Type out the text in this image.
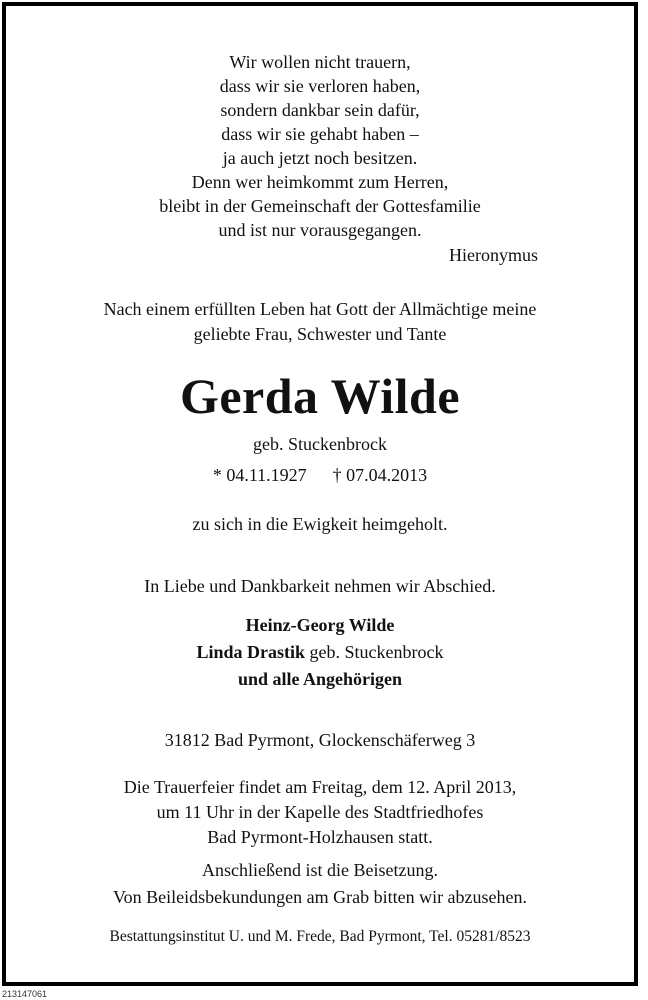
Wir wollen nicht trauern,
dass wir sie verloren haben,
sondern dankbar sein dafür,
dass wir sie gehabt haben –
ja auch jetzt noch besitzen.
Denn wer heimkommt zum Herren,
bleibt in der Gemeinschaft der Gottesfamilie
und ist nur vorausgegangen.
Hieronymus
Nach einem erfüllten Leben hat Gott der Allmächtige meine
geliebte Frau, Schwester und Tante
Gerda Wilde
geb. Stuckenbrock
* 04.11.1927 † 07.04.2013
zu sich in die Ewigkeit heimgeholt.
In Liebe und Dankbarkeit nehmen wir Abschied.
Heinz-Georg Wilde
Linda Drastik geb. Stuckenbrock
und alle Angehörigen
31812 Bad Pyrmont, Glockenschäferweg 3
Die Trauerfeier findet am Freitag, dem 12. April 2013,
um 11 Uhr in der Kapelle des Stadtfriedhofes
Bad Pyrmont-Holzhausen statt.
Anschließend ist die Beisetzung.
Von Beileidsbekundungen am Grab bitten wir abzusehen.
Bestattungsinstitut U. und M. Frede, Bad Pyrmont, Tel. 05281/8523
213147061
